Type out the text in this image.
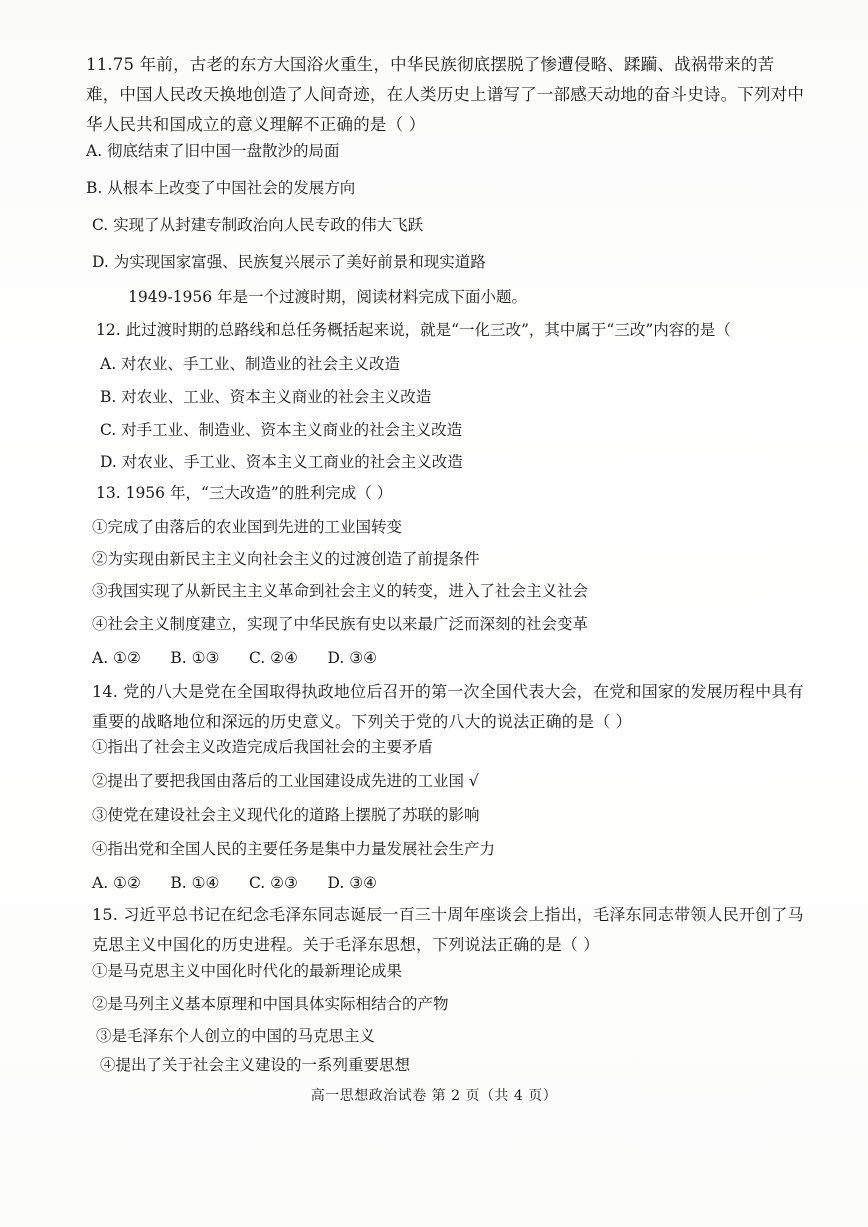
11.75 年前，古老的东方大国浴火重生，中华民族彻底摆脱了惨遭侵略、蹂躏、战祸带来的苦难，中国人民改天换地创造了人间奇迹，在人类历史上谱写了一部感天动地的奋斗史诗。下列对中华人民共和国成立的意义理解不正确的是（ ）
A. 彻底结束了旧中国一盘散沙的局面
B. 从根本上改变了中国社会的发展方向
C. 实现了从封建专制政治向人民专政的伟大飞跃
D. 为实现国家富强、民族复兴展示了美好前景和现实道路
1949-1956 年是一个过渡时期，阅读材料完成下面小题。
12. 此过渡时期的总路线和总任务概括起来说，就是“一化三改”，其中属于“三改”内容的是（
A. 对农业、手工业、制造业的社会主义改造
B. 对农业、工业、资本主义商业的社会主义改造
C. 对手工业、制造业、资本主义商业的社会主义改造
D. 对农业、手工业、资本主义工商业的社会主义改造
13. 1956 年，“三大改造”的胜利完成（ ）
①完成了由落后的农业国到先进的工业国转变
②为实现由新民主主义向社会主义的过渡创造了前提条件
③我国实现了从新民主主义革命到社会主义的转变，进入了社会主义社会
④社会主义制度建立，实现了中华民族有史以来最广泛而深刻的社会变革
A. ①②      B. ①③      C. ②④      D. ③④
14. 党的八大是党在全国取得执政地位后召开的第一次全国代表大会，在党和国家的发展历程中具有重要的战略地位和深远的历史意义。下列关于党的八大的说法正确的是（ ）
①指出了社会主义改造完成后我国社会的主要矛盾
②提出了要把我国由落后的工业国建设成先进的工业国 √
③使党在建设社会主义现代化的道路上摆脱了苏联的影响
④指出党和全国人民的主要任务是集中力量发展社会生产力
A. ①②      B. ①④      C. ②③      D. ③④
15. 习近平总书记在纪念毛泽东同志诞辰一百三十周年座谈会上指出，毛泽东同志带领人民开创了马克思主义中国化的历史进程。关于毛泽东思想，下列说法正确的是（ ）
①是马克思主义中国化时代化的最新理论成果
②是马列主义基本原理和中国具体实际相结合的产物
③是毛泽东个人创立的中国的马克思主义
④提出了关于社会主义建设的一系列重要思想
高一思想政治试卷 第 2 页（共 4 页）
